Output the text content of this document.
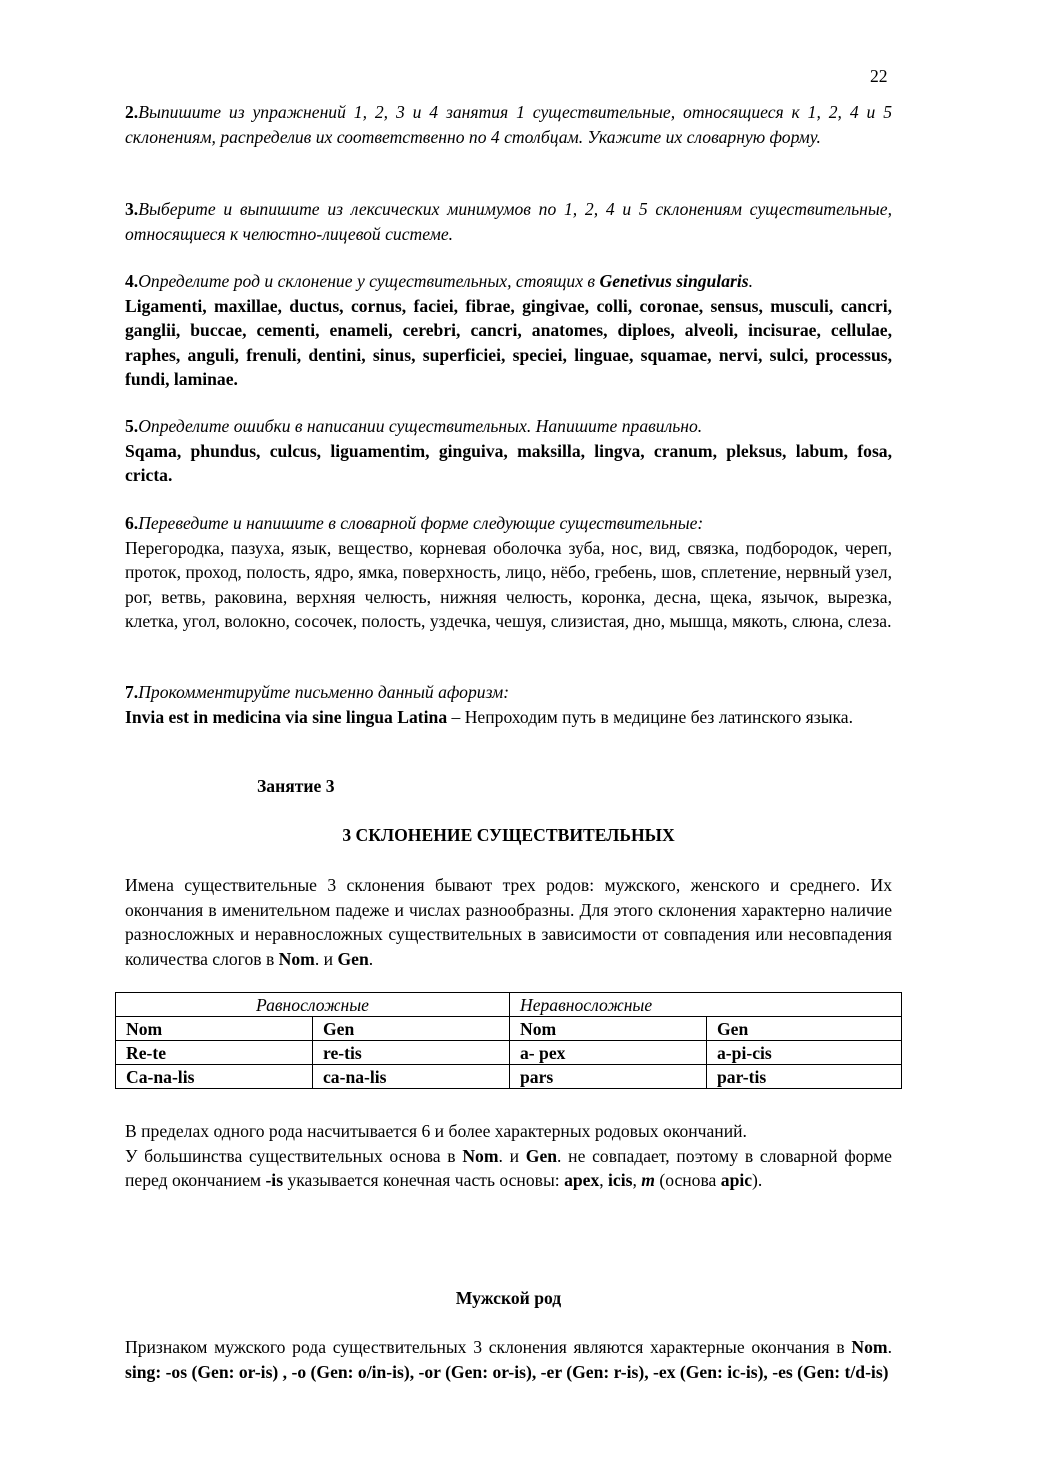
22

2.Выпишите из упражнений 1, 2, 3 и 4 занятия 1 существительные, относящиеся к 1, 2, 4 и 5 склонениям, распределив их соответственно по 4 столбцам. Укажите их словарную форму.

3.Выберите и выпишите из лексических минимумов по 1, 2, 4 и 5 склонениям существительные, относящиеся к челюстно-лицевой системе.

4.Определите род и склонение у существительных, стоящих в Genetivus singularis.

Ligamenti, maxillae, ductus, cornus, faciei, fibrae, gingivae, colli, coronae, sensus, musculi, cancri, ganglii, buccae, cementi, enameli, cerebri, cancri, anatomes, diploes, alveoli, incisurae, cellulae, raphes, anguli, frenuli, dentini, sinus, superficiei, speciei, linguae, squamae, nervi, sulci, processus, fundi, laminae.

5.Определите ошибки в написании существительных. Напишите правильно.

Sqama, phundus, culcus, liguamentim, ginguiva, maksilla, lingva, cranum, pleksus, labum, fosa, cricta.

6.Переведите и напишите в словарной форме следующие существительные:

Перегородка, пазуха, язык, вещество, корневая оболочка зуба, нос, вид, связка, подбородок, череп, проток, проход, полость, ядро, ямка, поверхность, лицо, нёбо, гребень, шов, сплетение, нервный узел, рог, ветвь, раковина, верхняя челюсть, нижняя челюсть, коронка, десна, щека, язычок, вырезка, клетка, угол, волокно, сосочек, полость, уздечка, чешуя, слизистая, дно, мышца, мякоть, слюна, слеза.

7.Прокомментируйте письменно данный афоризм:

Invia est in medicina via sine lingua Latina – Непроходим путь в медицине без латинского языка.

Занятие 3
3 СКЛОНЕНИЕ СУЩЕСТВИТЕЛЬНЫХ

Имена существительные 3 склонения бывают трех родов: мужского, женского и среднего. Их окончания в именительном падеже и числах разнообразны. Для этого склонения характерно наличие разносложных и неравносложных существительных в зависимости от совпадения или несовпадения количества слогов в Nom. и Gen.

Равносложные		Неравносложные	
Nom	Gen	Nom	Gen
Re-te	re-tis	a- pex	a-pi-cis
Ca-na-lis	ca-na-lis	pars	par-tis

В пределах одного рода насчитывается 6 и более характерных родовых окончаний.

У большинства существительных основа в Nom. и Gen. не совпадает, поэтому в словарной форме перед окончанием -is указывается конечная часть основы: apex, icis, m (основа apic).

Мужской род

Признаком мужского рода существительных 3 склонения являются характерные окончания в Nom. sing: -os (Gen: or-is) , -o (Gen: o/in-is), -or (Gen: or-is), -er (Gen: r-is), -ex (Gen: ic-is), -es (Gen: t/d-is)
